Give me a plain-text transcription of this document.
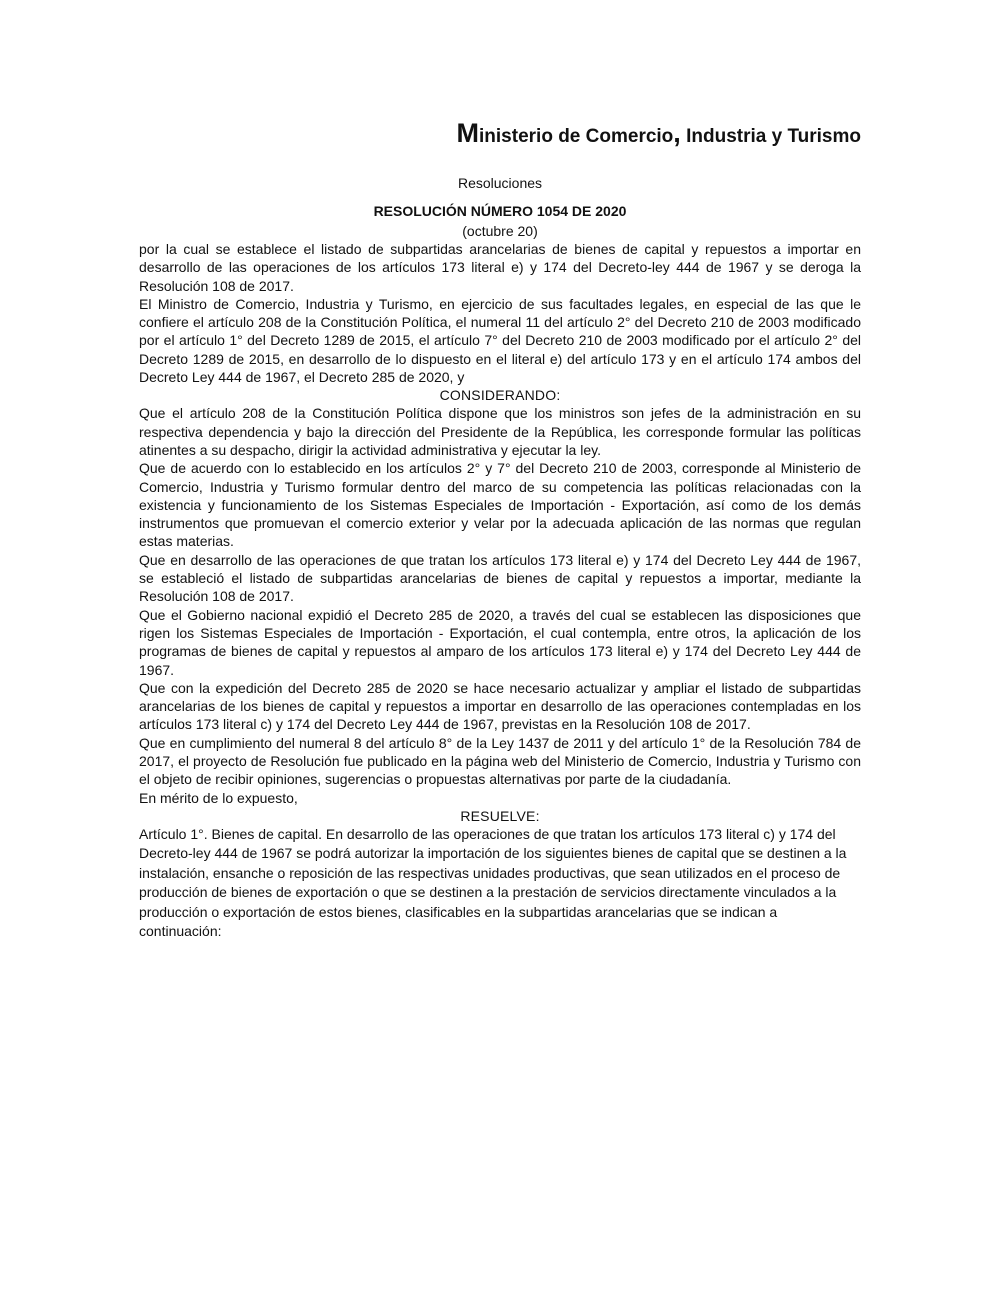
Ministerio de Comercio, Industria y Turismo
Resoluciones
RESOLUCIÓN NÚMERO 1054 DE 2020
(octubre 20)

por la cual se establece el listado de subpartidas arancelarias de bienes de capital y repuestos a importar en desarrollo de las operaciones de los artículos 173 literal e) y 174 del Decreto-ley 444 de 1967 y se deroga la Resolución 108 de 2017.

El Ministro de Comercio, Industria y Turismo, en ejercicio de sus facultades legales, en especial de las que le confiere el artículo 208 de la Constitución Política, el numeral 11 del artículo 2° del Decreto 210 de 2003 modificado por el artículo 1° del Decreto 1289 de 2015, el artículo 7° del Decreto 210 de 2003 modificado por el artículo 2° del Decreto 1289 de 2015, en desarrollo de lo dispuesto en el literal e) del artículo 173 y en el artículo 174 ambos del Decreto Ley 444 de 1967, el Decreto 285 de 2020, y

CONSIDERANDO:

Que el artículo 208 de la Constitución Política dispone que los ministros son jefes de la administración en su respectiva dependencia y bajo la dirección del Presidente de la República, les corresponde formular las políticas atinentes a su despacho, dirigir la actividad administrativa y ejecutar la ley.

Que de acuerdo con lo establecido en los artículos 2° y 7° del Decreto 210 de 2003, corresponde al Ministerio de Comercio, Industria y Turismo formular dentro del marco de su competencia las políticas relacionadas con la existencia y funcionamiento de los Sistemas Especiales de Importación - Exportación, así como de los demás instrumentos que promuevan el comercio exterior y velar por la adecuada aplicación de las normas que regulan estas materias.

Que en desarrollo de las operaciones de que tratan los artículos 173 literal e) y 174 del Decreto Ley 444 de 1967, se estableció el listado de subpartidas arancelarias de bienes de capital y repuestos a importar, mediante la Resolución 108 de 2017.

Que el Gobierno nacional expidió el Decreto 285 de 2020, a través del cual se establecen las disposiciones que rigen los Sistemas Especiales de Importación - Exportación, el cual contempla, entre otros, la aplicación de los programas de bienes de capital y repuestos al amparo de los artículos 173 literal e) y 174 del Decreto Ley 444 de 1967.

Que con la expedición del Decreto 285 de 2020 se hace necesario actualizar y ampliar el listado de subpartidas arancelarias de los bienes de capital y repuestos a importar en desarrollo de las operaciones contempladas en los artículos 173 literal c) y 174 del Decreto Ley 444 de 1967, previstas en la Resolución 108 de 2017.

Que en cumplimiento del numeral 8 del artículo 8° de la Ley 1437 de 2011 y del artículo 1° de la Resolución 784 de 2017, el proyecto de Resolución fue publicado en la página web del Ministerio de Comercio, Industria y Turismo con el objeto de recibir opiniones, sugerencias o propuestas alternativas por parte de la ciudadanía.

En mérito de lo expuesto,

RESUELVE:

Artículo 1°. Bienes de capital. En desarrollo de las operaciones de que tratan los artículos 173 literal c) y 174 del Decreto-ley 444 de 1967 se podrá autorizar la importación de los siguientes bienes de capital que se destinen a la instalación, ensanche o reposición de las respectivas unidades productivas, que sean utilizados en el proceso de producción de bienes de exportación o que se destinen a la prestación de servicios directamente vinculados a la producción o exportación de estos bienes, clasificables en la subpartidas arancelarias que se indican a continuación:
